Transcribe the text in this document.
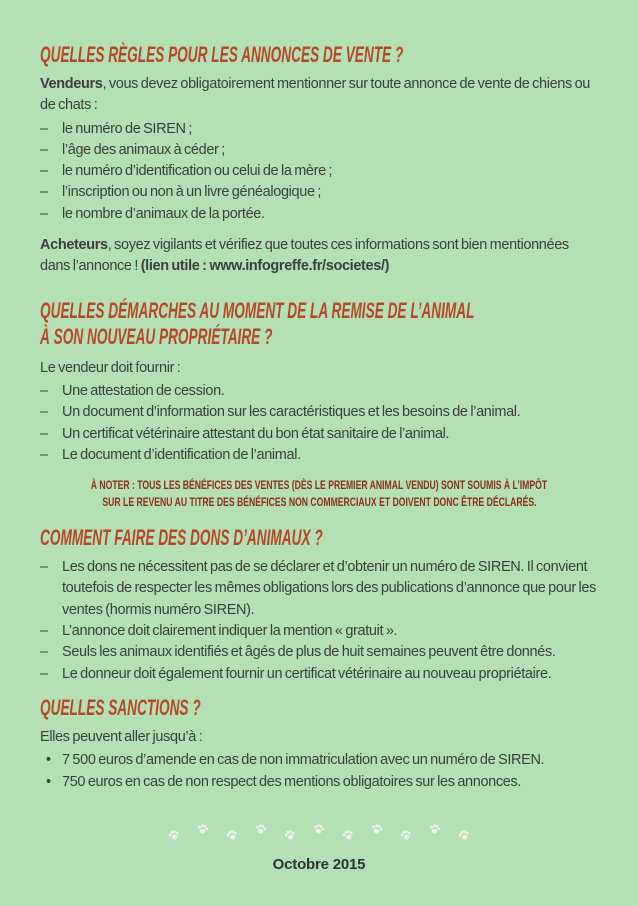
QUELLES RÈGLES POUR LES ANNONCES DE VENTE ?

Vendeurs, vous devez obligatoirement mentionner sur toute annonce de vente de chiens ou de chats :

– le numéro de SIREN ;
– l’âge des animaux à céder ;
– le numéro d’identification ou celui de la mère ;
– l’inscription ou non à un livre généalogique ;
– le nombre d’animaux de la portée.

Acheteurs, soyez vigilants et vérifiez que toutes ces informations sont bien mentionnées dans l’annonce ! (lien utile : www.infogreffe.fr/societes/)

QUELLES DÉMARCHES AU MOMENT DE LA REMISE DE L’ANIMAL
À SON NOUVEAU PROPRIÉTAIRE ?

Le vendeur doit fournir :

– Une attestation de cession.
– Un document d’information sur les caractéristiques et les besoins de l’animal.
– Un certificat vétérinaire attestant du bon état sanitaire de l’animal.
– Le document d’identification de l’animal.
À NOTER : TOUS LES BÉNÉFICES DES VENTES (DÈS LE PREMIER ANIMAL VENDU) SONT SOUMIS À L’IMPÔT
SUR LE REVENU AU TITRE DES BÉNÉFICES NON COMMERCIAUX ET DOIVENT DONC ÊTRE DÉCLARÉS.
COMMENT FAIRE DES DONS D’ANIMAUX ?
– Les dons ne nécessitent pas de se déclarer et d’obtenir un numéro de SIREN. Il convient toutefois de respecter les mêmes obligations lors des publications d’annonce que pour les ventes (hormis numéro SIREN).
– L’annonce doit clairement indiquer la mention « gratuit ».
– Seuls les animaux identifiés et âgés de plus de huit semaines peuvent être donnés.
– Le donneur doit également fournir un certificat vétérinaire au nouveau propriétaire.
QUELLES SANCTIONS ?

Elles peuvent aller jusqu’à :

• 7 500 euros d’amende en cas de non immatriculation avec un numéro de SIREN.
• 750 euros en cas de non respect des mentions obligatoires sur les annonces.
Octobre 2015
